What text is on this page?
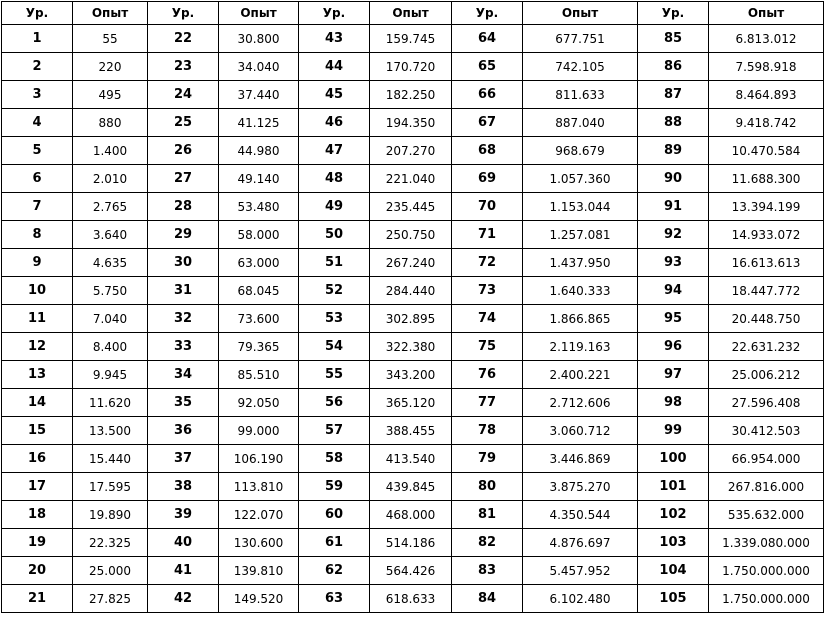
Ур.	Опыт	Ур.	Опыт	Ур.	Опыт	Ур.	Опыт	Ур.	Опыт
1	55	22	30.800	43	159.745	64	677.751	85	6.813.012
2	220	23	34.040	44	170.720	65	742.105	86	7.598.918
3	495	24	37.440	45	182.250	66	811.633	87	8.464.893
4	880	25	41.125	46	194.350	67	887.040	88	9.418.742
5	1.400	26	44.980	47	207.270	68	968.679	89	10.470.584
6	2.010	27	49.140	48	221.040	69	1.057.360	90	11.688.300
7	2.765	28	53.480	49	235.445	70	1.153.044	91	13.394.199
8	3.640	29	58.000	50	250.750	71	1.257.081	92	14.933.072
9	4.635	30	63.000	51	267.240	72	1.437.950	93	16.613.613
10	5.750	31	68.045	52	284.440	73	1.640.333	94	18.447.772
11	7.040	32	73.600	53	302.895	74	1.866.865	95	20.448.750
12	8.400	33	79.365	54	322.380	75	2.119.163	96	22.631.232
13	9.945	34	85.510	55	343.200	76	2.400.221	97	25.006.212
14	11.620	35	92.050	56	365.120	77	2.712.606	98	27.596.408
15	13.500	36	99.000	57	388.455	78	3.060.712	99	30.412.503
16	15.440	37	106.190	58	413.540	79	3.446.869	100	66.954.000
17	17.595	38	113.810	59	439.845	80	3.875.270	101	267.816.000
18	19.890	39	122.070	60	468.000	81	4.350.544	102	535.632.000
19	22.325	40	130.600	61	514.186	82	4.876.697	103	1.339.080.000
20	25.000	41	139.810	62	564.426	83	5.457.952	104	1.750.000.000
21	27.825	42	149.520	63	618.633	84	6.102.480	105	1.750.000.000
